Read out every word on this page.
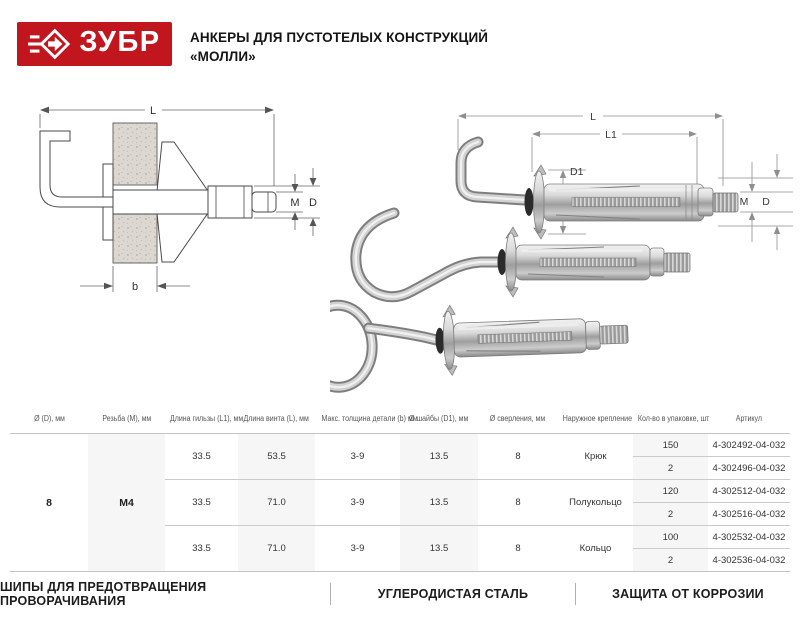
ЗУБР АНКЕРЫ ДЛЯ ПУСТОТЕЛЫХ КОНСТРУКЦИЙ
«МОЛЛИ»
L
b
M D
L
L1
D1
M D
Ø (D), мм	Резьба (М), мм	Длина гильзы (L1), мм	Длина винта (L), мм	Макс. толщина детали (b) мм	Ø шайбы (D1), мм	Ø сверления, мм	Наружное крепление	Кол-во в упаковке, шт	Артикул
8	М4	33.5	53.5	3-9	13.5	8	Крюк	150	4-302492-04-032
								2	4-302496-04-032
		33.5	71.0	3-9	13.5	8	Полукольцо	120	4-302512-04-032
								2	4-302516-04-032
		33.5	71.0	3-9	13.5	8	Кольцо	100	4-302532-04-032
								2	4-302536-04-032
ШИПЫ ДЛЯ ПРЕДОТВРАЩЕНИЯ ПРОВОРАЧИВАНИЯ	УГЛЕРОДИСТАЯ СТАЛЬ	ЗАЩИТА ОТ КОРРОЗИИ
